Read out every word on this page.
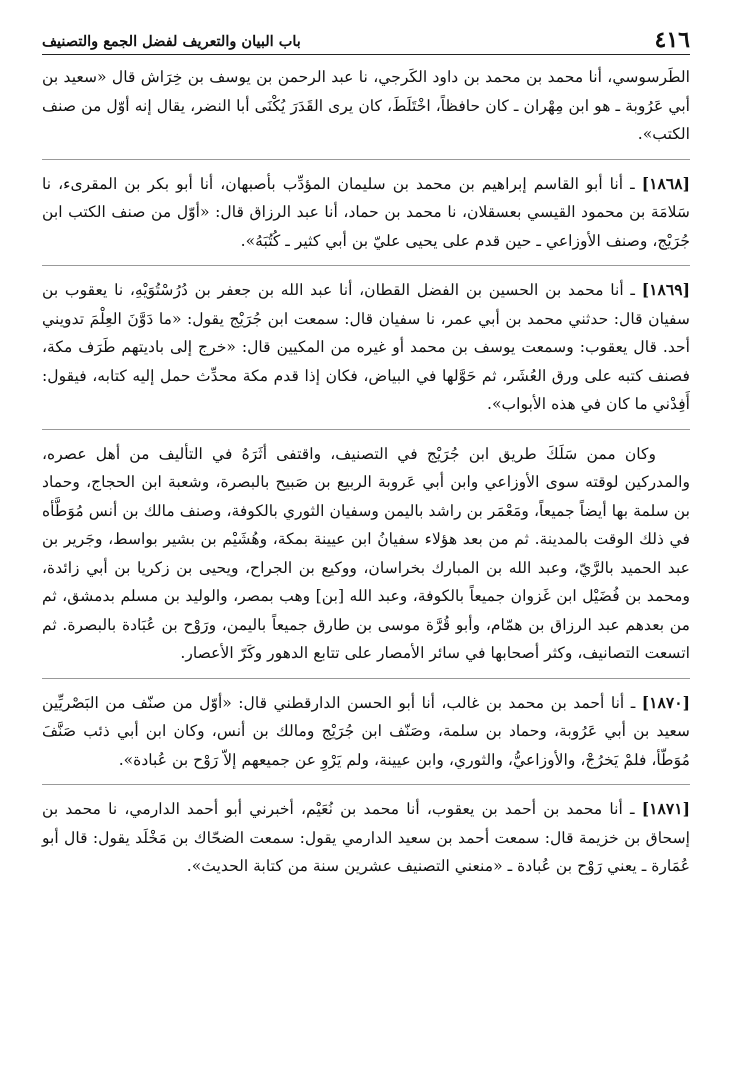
٤١٦
باب البيان والتعريف لفضل الجمع والتصنيف

الطَرسوسي، أنا محمد بن محمد بن داود الكَرجي، نا عبد الرحمن بن يوسف بن خِرَاش قال «سعيد بن أبي عَرُوبة ـ هو ابن مِهْران ـ كان حافظاً، اخْتَلَطَ، كان يرى القَدَرَ يُكْنَى أبا النضر، يقال إنه أوّل من صنف الكتب».

[١٨٦٨] ـ أنا أبو القاسم إبراهيم بن محمد بن سليمان المؤدِّب بأصبهان، أنا أبو بكر بن المقرىء، نا سَلامَة بن محمود القيسي بعسقلان، نا محمد بن حماد، أنا عبد الرزاق قال: «أوّل من صنف الكتب ابن جُرَيْج، وصنف الأوزاعي ـ حين قدم على يحيى عليّ بن أبي كثير ـ كُتُبَهُ».

[١٨٦٩] ـ أنا محمد بن الحسين بن الفضل القطان، أنا عبد الله بن جعفر بن دُرُسْتُوَيْهِ، نا يعقوب بن سفيان قال: حدثني محمد بن أبي عمر، نا سفيان قال: سمعت ابن جُرَيْج يقول: «ما دَوَّنَ العِلْمَ تدويني أحد. قال يعقوب: وسمعت يوسف بن محمد أو غيره من المكيين قال: «خرج إلى باديتهم طَرَف مكة، فصنف كتبه على ورق العُشَر، ثم حَوَّلها في البياض، فكان إذا قدم مكة محدِّث حمل إليه كتابه، فيقول: أَفِدْني ما كان في هذه الأبواب».

وكان ممن سَلَكَ طريق ابن جُرَيْج في التصنيف، واقتفى أثَرَهُ في التأليف من أهل عصره، والمدركين لوقته سوى الأوزاعي وابن أبي عَروبة الربيع بن صَبيح بالبصرة، وشعبة ابن الحجاج، وحماد بن سلمة بها أيضاً جميعاً، ومَعْمَر بن راشد باليمن وسفيان الثوري بالكوفة، وصنف مالك بن أنس مُوَطَّأه في ذلك الوقت بالمدينة. ثم من بعد هؤلاء سفيانُ ابن عيينة بمكة، وهُشَيْم بن بشير بواسط، وجَرير بن عبد الحميد بالرَّيّ، وعبد الله بن المبارك بخراسان، ووكيع بن الجراح، ويحيى بن زكريا بن أبي زائدة، ومحمد بن فُضَيْل ابن غَزوان جميعاً بالكوفة، وعبد الله [بن] وهب بمصر، والوليد بن مسلم بدمشق، ثم من بعدهم عبد الرزاق بن همّام، وأبو قُرَّة موسى بن طارق جميعاً باليمن، ورَوْح بن عُبَادة بالبصرة. ثم اتسعت التصانيف، وكثر أصحابها في سائر الأمصار على تتابع الدهور وكَرّ الأعصار.

[١٨٧٠] ـ أنا أحمد بن محمد بن غالب، أنا أبو الحسن الدارقطني قال: «أوّل من صنّف من البَصْريِّين سعيد بن أبي عَرُوبة، وحماد بن سلمة، وصَنّف ابن جُرَيْج ومالك بن أنس، وكان ابن أبي ذئب صَنَّفَ مُوَطّأ، فلمْ يَخرُجْ، والأوزاعيُّ، والثوري، وابن عيينة، ولم يَرْوِ عن جميعهم إلاّ رَوْح بن عُبادة».

[١٨٧١] ـ أنا محمد بن أحمد بن يعقوب، أنا محمد بن نُعَيْم، أخبرني أبو أحمد الدارمي، نا محمد بن إسحاق بن خزيمة قال: سمعت أحمد بن سعيد الدارمي يقول: سمعت الضحّاك بن مَخْلَد يقول: قال أبو عُمَارة ـ يعني رَوْح بن عُبادة ـ «منعني التصنيف عشرين سنة من كتابة الحديث».
